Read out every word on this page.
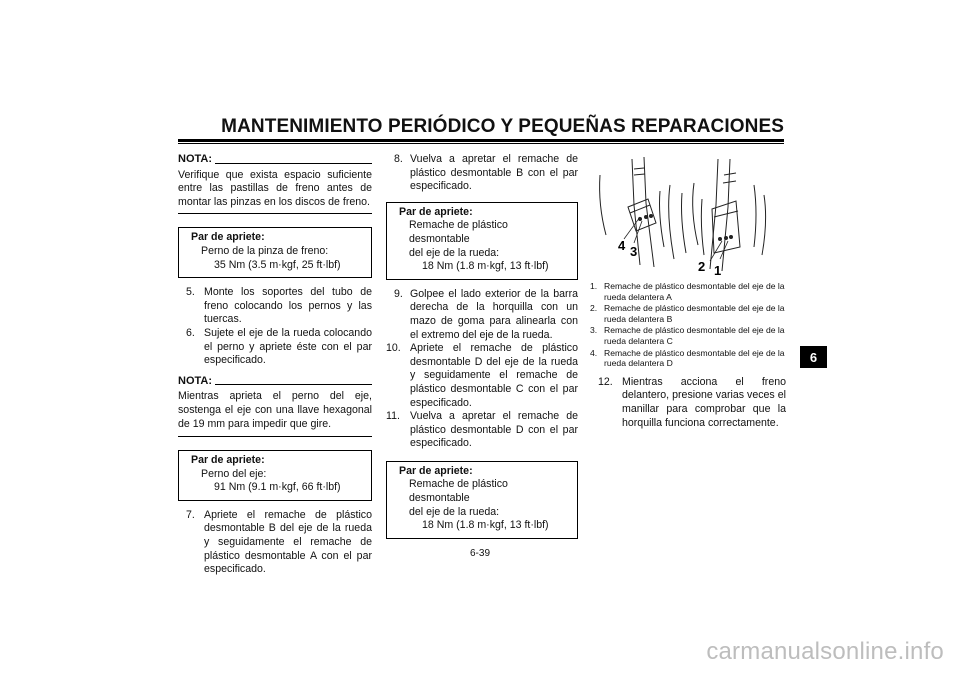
MANTENIMIENTO PERIÓDICO Y PEQUEÑAS REPARACIONES
NOTA:

Verifique que exista espacio suficiente entre las pastillas de freno antes de montar las pinzas en los discos de freno.

Par de apriete:
Perno de la pinza de freno:
35 Nm (3.5 m·kgf, 25 ft·lbf)
5. Monte los soportes del tubo de freno colocando los pernos y las tuercas.
6. Sujete el eje de la rueda colocando el perno y apriete éste con el par especificado.
NOTA:

Mientras aprieta el perno del eje, sostenga el eje con una llave hexagonal de 19 mm para impedir que gire.

Par de apriete:
Perno del eje:
91 Nm (9.1 m·kgf, 66 ft·lbf)
7. Apriete el remache de plástico desmontable B del eje de la rueda y seguidamente el remache de plástico desmontable A con el par especificado.
8. Vuelva a apretar el remache de plástico desmontable B con el par especificado.
Par de apriete:
Remache de plástico desmontable
del eje de la rueda:
18 Nm (1.8 m·kgf, 13 ft·lbf)
9. Golpee el lado exterior de la barra derecha de la horquilla con un mazo de goma para alinearla con el extremo del eje de la rueda.
10. Apriete el remache de plástico desmontable D del eje de la rueda y seguidamente el remache de plástico desmontable C con el par especificado.
11. Vuelva a apretar el remache de plástico desmontable D con el par especificado.
Par de apriete:
Remache de plástico desmontable
del eje de la rueda:
18 Nm (1.8 m·kgf, 13 ft·lbf)
4 3
2 1
1. Remache de plástico desmontable del eje de la rueda delantera A
2. Remache de plástico desmontable del eje de la rueda delantera B
3. Remache de plástico desmontable del eje de la rueda delantera C
4. Remache de plástico desmontable del eje de la rueda delantera D
12. Mientras acciona el freno delantero, presione varias veces el manillar para comprobar que la horquilla funciona correctamente.
6
6-39
carmanualsonline.info
